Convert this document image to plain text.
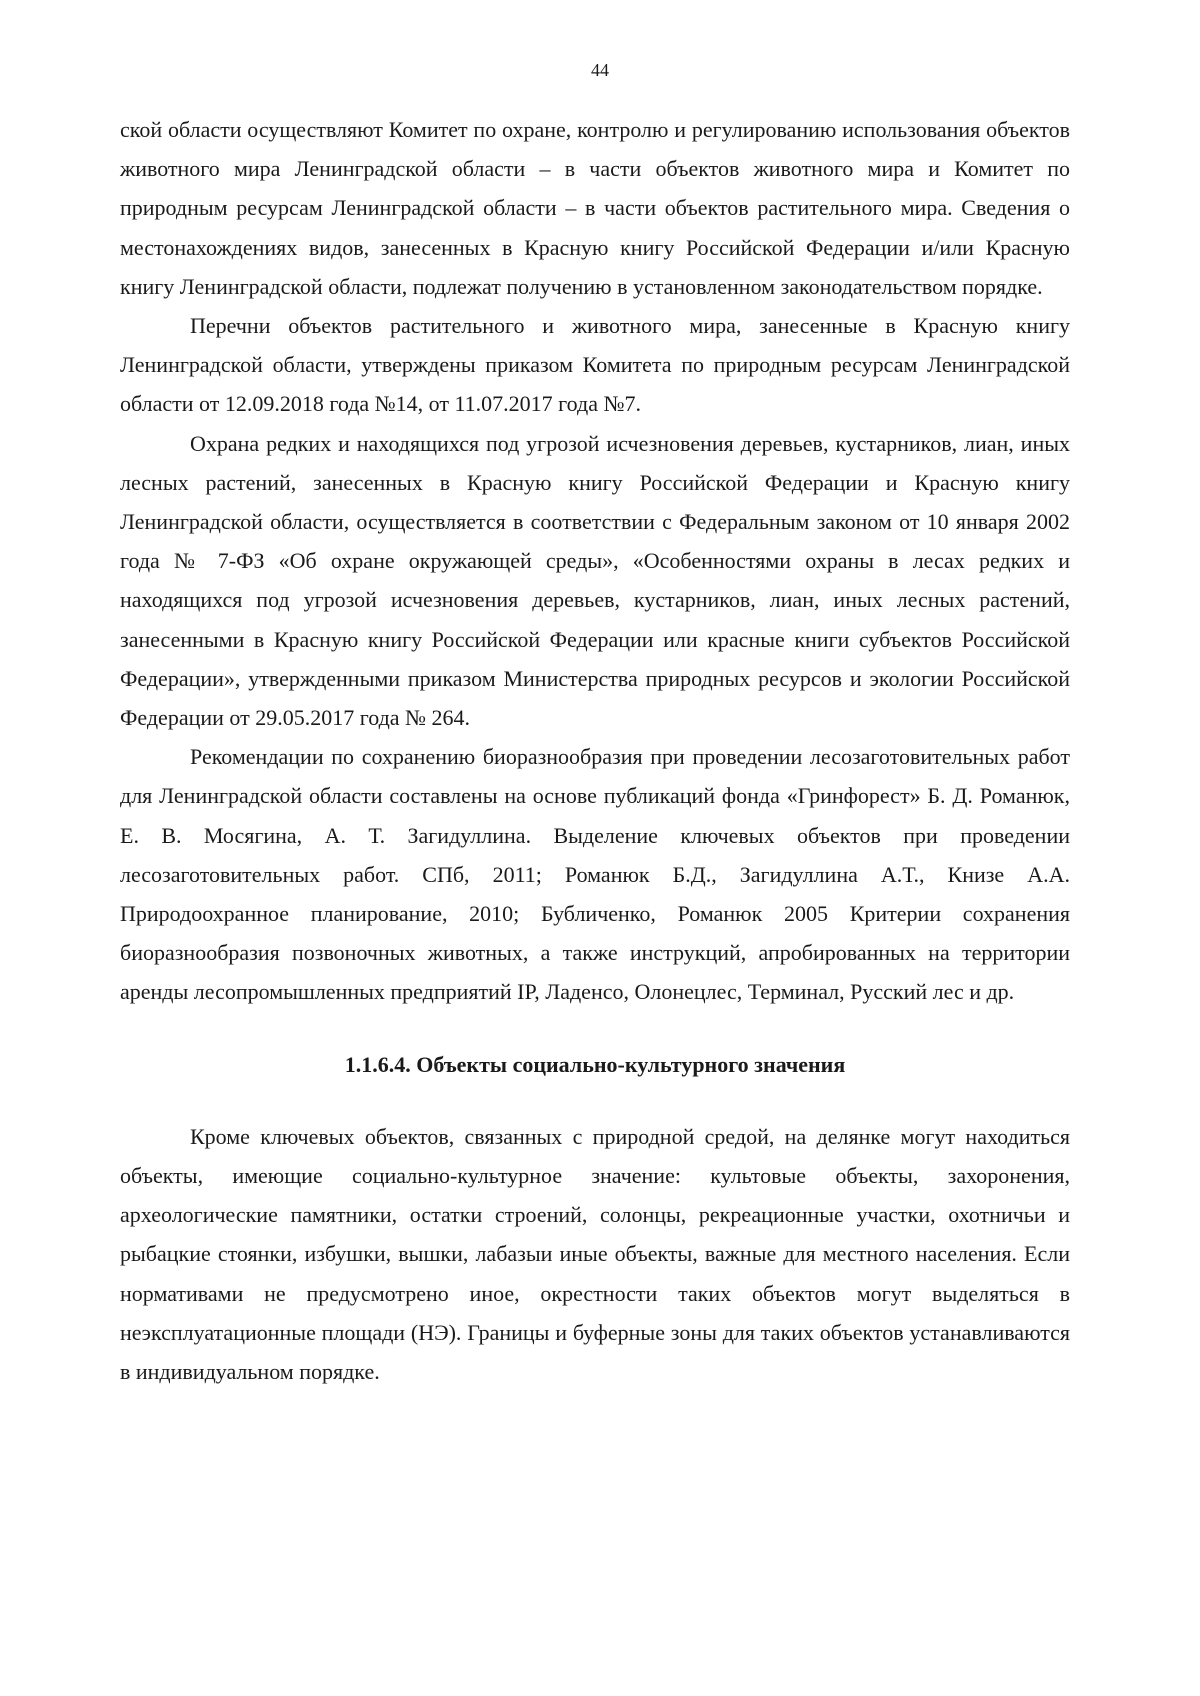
44

ской области осуществляют Комитет по охране, контролю и регулированию использования объектов животного мира Ленинградской области – в части объектов животного мира и Комитет по природным ресурсам Ленинградской области – в части объектов растительного мира. Сведения о местонахождениях видов, занесенных в Красную книгу Российской Федерации и/или Красную книгу Ленинградской области, подлежат получению в установленном законодательством порядке.

Перечни объектов растительного и животного мира, занесенные в Красную книгу Ленинградской области, утверждены приказом Комитета по природным ресурсам Ленинградской области от 12.09.2018 года №14, от 11.07.2017 года №7.

Охрана редких и находящихся под угрозой исчезновения деревьев, кустарников, лиан, иных лесных растений, занесенных в Красную книгу Российской Федерации и Красную книгу Ленинградской области, осуществляется в соответствии с Федеральным законом от 10 января 2002 года № 7-ФЗ «Об охране окружающей среды», «Особенностями охраны в лесах редких и находящихся под угрозой исчезновения деревьев, кустарников, лиан, иных лесных растений, занесенными в Красную книгу Российской Федерации или красные книги субъектов Российской Федерации», утвержденными приказом Министерства природных ресурсов и экологии Российской Федерации от 29.05.2017 года № 264.

Рекомендации по сохранению биоразнообразия при проведении лесозаготовительных работ для Ленинградской области составлены на основе публикаций фонда «Гринфорест» Б. Д. Романюк, Е. В. Мосягина, А. Т. Загидуллина. Выделение ключевых объектов при проведении лесозаготовительных работ. СПб, 2011; Романюк Б.Д., Загидуллина А.Т., Книзе А.А. Природоохранное планирование, 2010; Бубличенко, Романюк 2005 Критерии сохранения биоразнообразия позвоночных животных, а также инструкций, апробированных на территории аренды лесопромышленных предприятий IP, Ладенсо, Олонецлес, Терминал, Русский лес и др.

1.1.6.4. Объекты социально-культурного значения

Кроме ключевых объектов, связанных с природной средой, на делянке могут находиться объекты, имеющие социально-культурное значение: культовые объекты, захоронения, археологические памятники, остатки строений, солонцы, рекреационные участки, охотничьи и рыбацкие стоянки, избушки, вышки, лабазыи иные объекты, важные для местного населения. Если нормативами не предусмотрено иное, окрестности таких объектов могут выделяться в неэксплуатационные площади (НЭ). Границы и буферные зоны для таких объектов устанавливаются в индивидуальном порядке.
